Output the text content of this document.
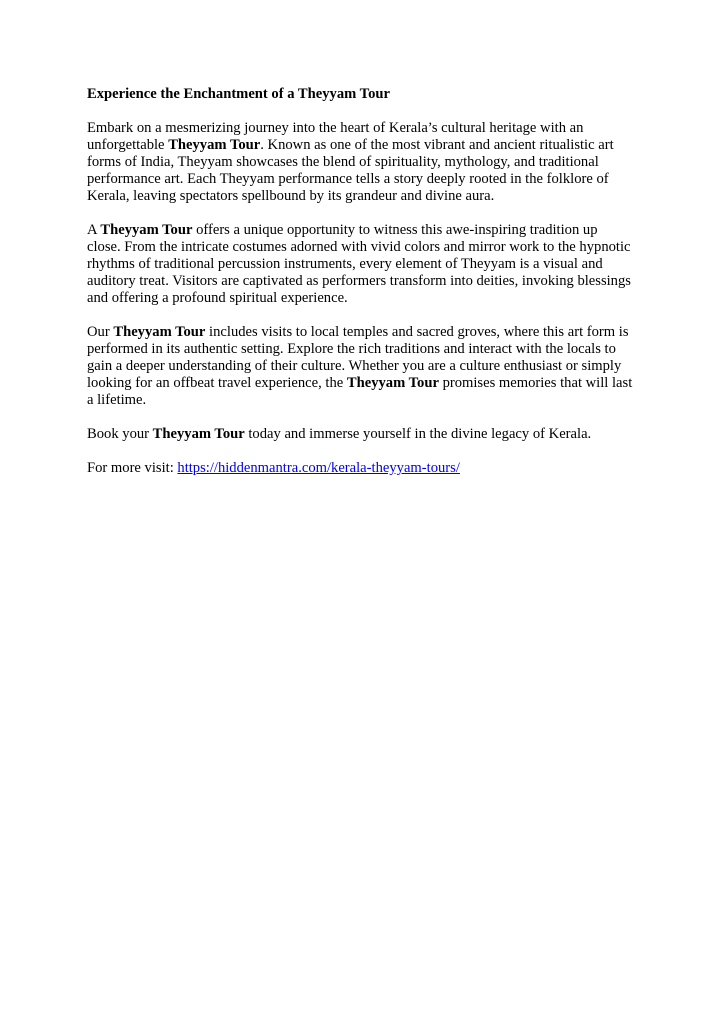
Experience the Enchantment of a Theyyam Tour

Embark on a mesmerizing journey into the heart of Kerala’s cultural heritage with an
unforgettable Theyyam Tour. Known as one of the most vibrant and ancient ritualistic art
forms of India, Theyyam showcases the blend of spirituality, mythology, and traditional
performance art. Each Theyyam performance tells a story deeply rooted in the folklore of
Kerala, leaving spectators spellbound by its grandeur and divine aura.

A Theyyam Tour offers a unique opportunity to witness this awe-inspiring tradition up
close. From the intricate costumes adorned with vivid colors and mirror work to the hypnotic
rhythms of traditional percussion instruments, every element of Theyyam is a visual and
auditory treat. Visitors are captivated as performers transform into deities, invoking blessings
and offering a profound spiritual experience.

Our Theyyam Tour includes visits to local temples and sacred groves, where this art form is
performed in its authentic setting. Explore the rich traditions and interact with the locals to
gain a deeper understanding of their culture. Whether you are a culture enthusiast or simply
looking for an offbeat travel experience, the Theyyam Tour promises memories that will last
a lifetime.

Book your Theyyam Tour today and immerse yourself in the divine legacy of Kerala.

For more visit: https://hiddenmantra.com/kerala-theyyam-tours/
